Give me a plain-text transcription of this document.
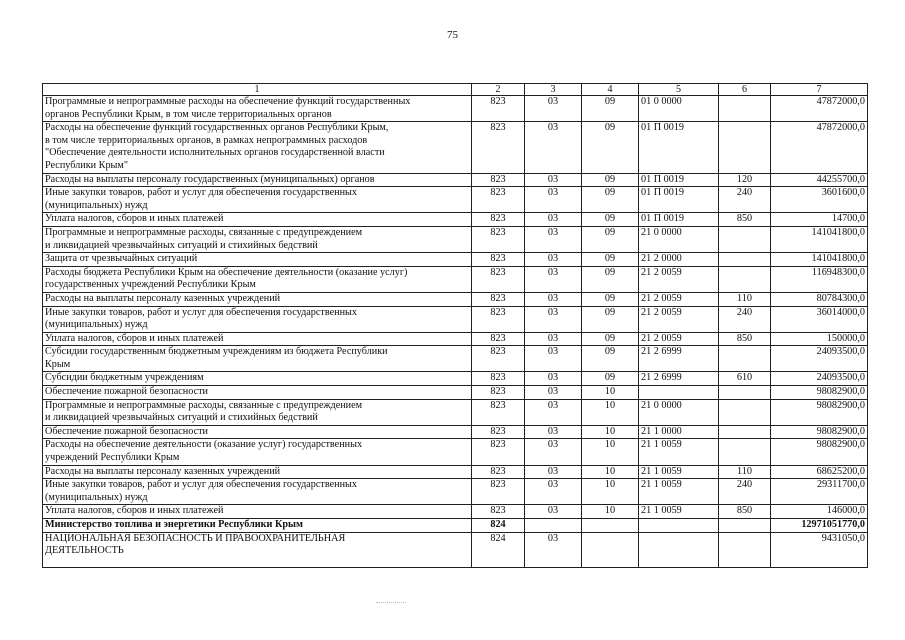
75
1	2	3	4	5	6	7

Программные и непрограммные расходы на обеспечение функций государственных
органов Республики Крым, в том числе территориальных органов	823	03	09	01 0 0000		47872000,0

Расходы на обеспечение функций государственных органов Республики Крым,
в том числе территориальных органов, в рамках непрограммных расходов
"Обеспечение деятельности исполнительных органов государственной власти
Республики Крым"	823	03	09	01 П 0019		47872000,0

Расходы на выплаты персоналу государственных (муниципальных) органов	823	03	09	01 П 0019	120	44255700,0

Иные закупки товаров, работ и услуг для обеспечения государственных
(муниципальных) нужд	823	03	09	01 П 0019	240	3601600,0

Уплата налогов, сборов и иных платежей	823	03	09	01 П 0019	850	14700,0

Программные и непрограммные расходы, связанные с предупреждением
и ликвидацией чрезвычайных ситуаций и стихийных бедствий	823	03	09	21 0 0000		141041800,0

Защита от чрезвычайных ситуаций	823	03	09	21 2 0000		141041800,0

Расходы бюджета Республики Крым на обеспечение деятельности (оказание услуг)
государственных учреждений Республики Крым	823	03	09	21 2 0059		116948300,0

Расходы на выплаты персоналу казенных учреждений	823	03	09	21 2 0059	110	80784300,0

Иные закупки товаров, работ и услуг для обеспечения государственных
(муниципальных) нужд	823	03	09	21 2 0059	240	36014000,0

Уплата налогов, сборов и иных платежей	823	03	09	21 2 0059	850	150000,0

Субсидии государственным бюджетным учреждениям из бюджета Республики
Крым	823	03	09	21 2 6999		24093500,0

Субсидии бюджетным учреждениям	823	03	09	21 2 6999	610	24093500,0

Обеспечение пожарной безопасности	823	03	10			98082900,0

Программные и непрограммные расходы, связанные с предупреждением
и ликвидацией чрезвычайных ситуаций и стихийных бедствий	823	03	10	21 0 0000		98082900,0

Обеспечение пожарной безопасности	823	03	10	21 1 0000		98082900,0

Расходы на обеспечение деятельности (оказание услуг) государственных
учреждений Республики Крым	823	03	10	21 1 0059		98082900,0

Расходы на выплаты персоналу казенных учреждений	823	03	10	21 1 0059	110	68625200,0

Иные закупки товаров, работ и услуг для обеспечения государственных
(муниципальных) нужд	823	03	10	21 1 0059	240	29311700,0

Уплата налогов, сборов и иных платежей	823	03	10	21 1 0059	850	146000,0

Министерство топлива и энергетики Республики Крым	824					12971051770,0

НАЦИОНАЛЬНАЯ БЕЗОПАСНОСТЬ И ПРАВООХРАНИТЕЛЬНАЯ
ДЕЯТЕЛЬНОСТЬ	824	03				9431050,0
